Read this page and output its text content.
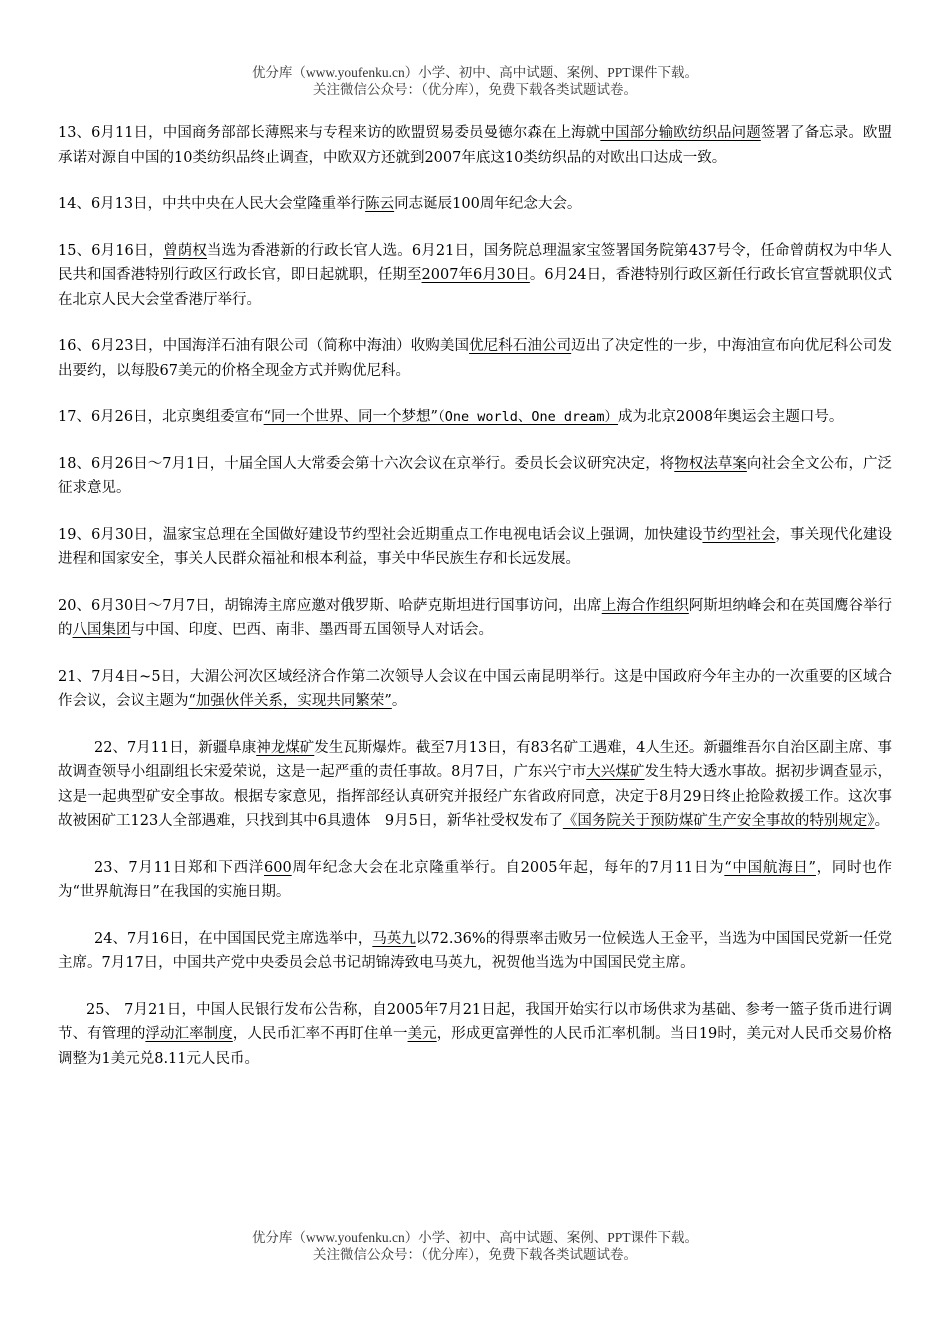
优分库（www.youfenku.cn）小学、初中、高中试题、案例、PPT课件下载。
关注微信公众号：（优分库），免费下载各类试题试卷。

13、6月11日，中国商务部部长薄熙来与专程来访的欧盟贸易委员曼德尔森在上海就中国部分输欧纺织品问题签署了备忘录。欧盟承诺对源自中国的10类纺织品终止调查，中欧双方还就到2007年底这10类纺织品的对欧出口达成一致。

14、6月13日，中共中央在人民大会堂隆重举行陈云同志诞辰100周年纪念大会。

15、6月16日，曾荫权当选为香港新的行政长官人选。6月21日，国务院总理温家宝签署国务院第437号令，任命曾荫权为中华人民共和国香港特别行政区行政长官，即日起就职，任期至2007年6月30日。6月24日，香港特别行政区新任行政长官宣誓就职仪式在北京人民大会堂香港厅举行。

16、6月23日，中国海洋石油有限公司（简称中海油）收购美国优尼科石油公司迈出了决定性的一步，中海油宣布向优尼科公司发出要约，以每股67美元的价格全现金方式并购优尼科。

17、6月26日，北京奥组委宣布“同一个世界、同一个梦想”（One world、One dream）成为北京2008年奥运会主题口号。

18、6月26日～7月1日，十届全国人大常委会第十六次会议在京举行。委员长会议研究决定，将物权法草案向社会全文公布，广泛征求意见。

19、6月30日，温家宝总理在全国做好建设节约型社会近期重点工作电视电话会议上强调，加快建设节约型社会，事关现代化建设进程和国家安全，事关人民群众福祉和根本利益，事关中华民族生存和长远发展。

20、6月30日～7月7日，胡锦涛主席应邀对俄罗斯、哈萨克斯坦进行国事访问，出席上海合作组织阿斯坦纳峰会和在英国鹰谷举行的八国集团与中国、印度、巴西、南非、墨西哥五国领导人对话会。

21、7月4日~5日，大湄公河次区域经济合作第二次领导人会议在中国云南昆明举行。这是中国政府今年主办的一次重要的区域合作会议，会议主题为“加强伙伴关系，实现共同繁荣”。

22、7月11日，新疆阜康神龙煤矿发生瓦斯爆炸。截至7月13日，有83名矿工遇难，4人生还。新疆维吾尔自治区副主席、事故调查领导小组副组长宋爱荣说，这是一起严重的责任事故。8月7日，广东兴宁市大兴煤矿发生特大透水事故。据初步调查显示，这是一起典型矿安全事故。根据专家意见，指挥部经认真研究并报经广东省政府同意，决定于8月29日终止抢险救援工作。这次事故被困矿工123人全部遇难，只找到其中6具遗体　9月5日，新华社受权发布了《国务院关于预防煤矿生产安全事故的特别规定》。

23、7月11日郑和下西洋600周年纪念大会在北京隆重举行。自2005年起，每年的7月11日为“中国航海日”，同时也作为“世界航海日”在我国的实施日期。

24、7月16日，在中国国民党主席选举中，马英九以72.36%的得票率击败另一位候选人王金平，当选为中国国民党新一任党主席。7月17日，中国共产党中央委员会总书记胡锦涛致电马英九，祝贺他当选为中国国民党主席。

25、 7月21日，中国人民银行发布公告称，自2005年7月21日起，我国开始实行以市场供求为基础、参考一篮子货币进行调节、有管理的浮动汇率制度，人民币汇率不再盯住单一美元，形成更富弹性的人民币汇率机制。当日19时，美元对人民币交易价格调整为1美元兑8.11元人民币。

优分库（www.youfenku.cn）小学、初中、高中试题、案例、PPT课件下载。
关注微信公众号：（优分库），免费下载各类试题试卷。
